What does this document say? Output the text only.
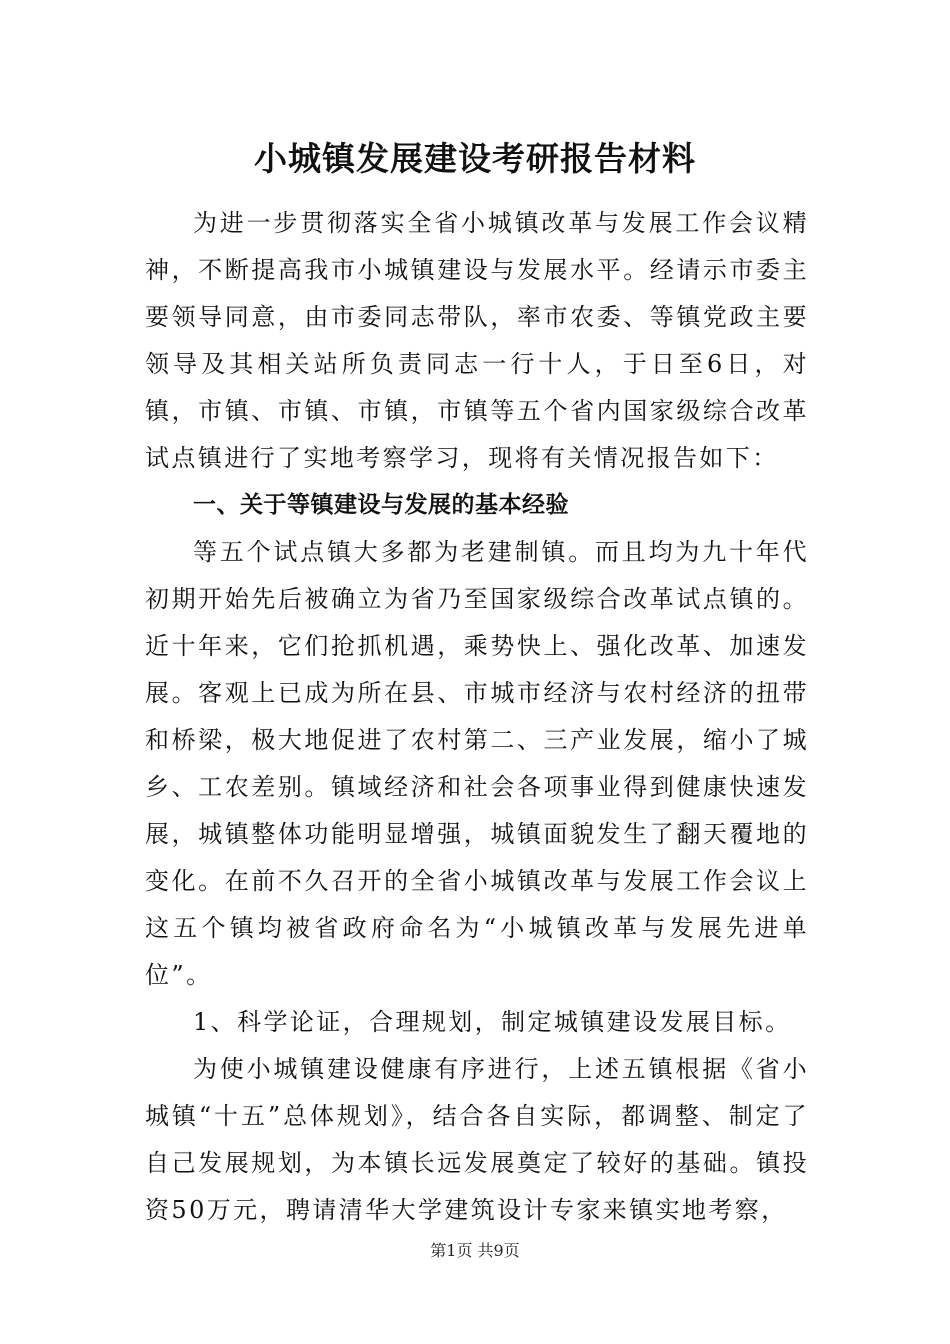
小城镇发展建设考研报告材料

为进一步贯彻落实全省小城镇改革与发展工作会议精神，不断提高我市小城镇建设与发展水平。经请示市委主要领导同意，由市委同志带队，率市农委、等镇党政主要领导及其相关站所负责同志一行十人，于日至6日，对镇，市镇、市镇、市镇，市镇等五个省内国家级综合改革试点镇进行了实地考察学习，现将有关情况报告如下：

一、关于等镇建设与发展的基本经验

等五个试点镇大多都为老建制镇。而且均为九十年代初期开始先后被确立为省乃至国家级综合改革试点镇的。近十年来，它们抢抓机遇，乘势快上、强化改革、加速发展。客观上已成为所在县、市城市经济与农村经济的扭带和桥梁，极大地促进了农村第二、三产业发展，缩小了城乡、工农差别。镇域经济和社会各项事业得到健康快速发展，城镇整体功能明显增强，城镇面貌发生了翻天覆地的变化。在前不久召开的全省小城镇改革与发展工作会议上这五个镇均被省政府命名为“小城镇改革与发展先进单位”。

1、科学论证，合理规划，制定城镇建设发展目标。

为使小城镇建设健康有序进行，上述五镇根据《省小城镇“十五”总体规划》，结合各自实际，都调整、制定了自己发展规划，为本镇长远发展奠定了较好的基础。镇投资50万元，聘请清华大学建筑设计专家来镇实地考察，

第1页 共9页
